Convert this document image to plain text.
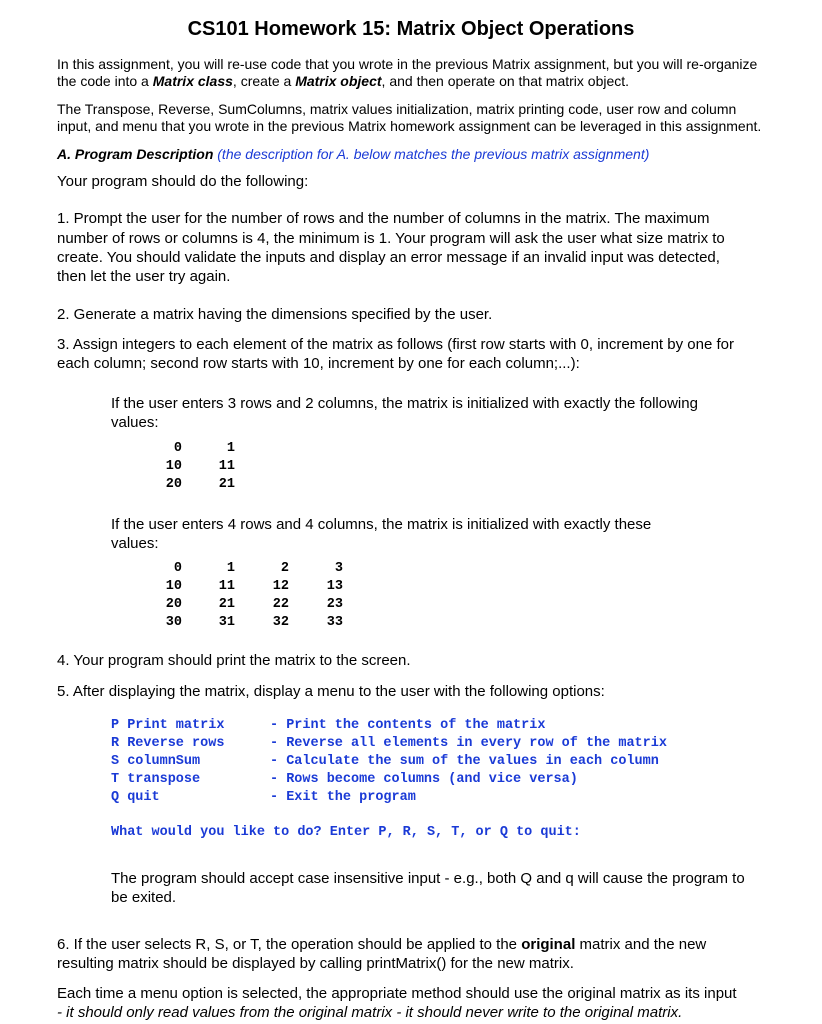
CS101 Homework 15: Matrix Object Operations
In this assignment, you will re-use code that you wrote in the previous Matrix assignment, but you will re-organize
the code into a Matrix class, create a Matrix object, and then operate on that matrix object.
The Transpose, Reverse, SumColumns, matrix values initialization, matrix printing code, user row and column
input, and menu that you wrote in the previous Matrix homework assignment can be leveraged in this assignment.
A. Program Description (the description for A. below matches the previous matrix assignment)
Your program should do the following:
1. Prompt the user for the number of rows and the number of columns in the matrix. The maximum
number of rows or columns is 4, the minimum is 1. Your program will ask the user what size matrix to
create. You should validate the inputs and display an error message if an invalid input was detected,
then let the user try again.
2. Generate a matrix having the dimensions specified by the user.
3. Assign integers to each element of the matrix as follows (first row starts with 0, increment by one for
each column; second row starts with 10, increment by one for each column;...):
If the user enters 3 rows and 2 columns, the matrix is initialized with exactly the following
values:
0	1
10	11
20	21
If the user enters 4 rows and 4 columns, the matrix is initialized with exactly these
values:
0	1	2	3
10	11	12	13
20	21	22	23
30	31	32	33
4. Your program should print the matrix to the screen.
5. After displaying the matrix, display a menu to the user with the following options:
P Print matrix	- Print the contents of the matrix
R Reverse rows	- Reverse all elements in every row of the matrix
S columnSum	- Calculate the sum of the values in each column
T transpose	- Rows become columns (and vice versa)
Q quit	- Exit the program
What would you like to do? Enter P, R, S, T, or Q to quit:
The program should accept case insensitive input - e.g., both Q and q will cause the program to
be exited.
6. If the user selects R, S, or T, the operation should be applied to the original matrix and the new
resulting matrix should be displayed by calling printMatrix() for the new matrix.
Each time a menu option is selected, the appropriate method should use the original matrix as its input
- it should only read values from the original matrix - it should never write to the original matrix.
